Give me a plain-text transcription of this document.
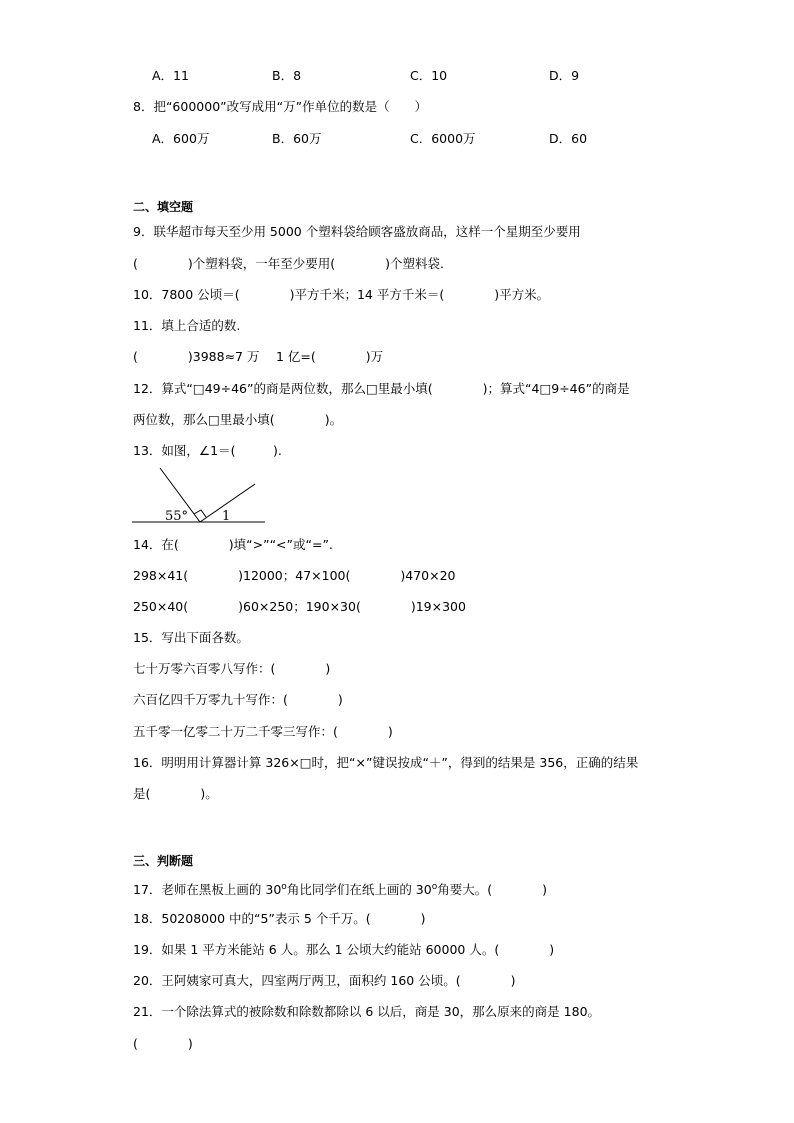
A．11	B．8	C．10	D．9
8．把“600000”改写成用“万”作单位的数是（　　）
A．600万	B．60万	C．6000万	D．60
二、填空题
9．联华超市每天至少用 5000 个塑料袋给顾客盛放商品，这样一个星期至少要用
(　　　　)个塑料袋，一年至少要用(　　　　)个塑料袋.
10．7800 公顷＝(　　　　)平方千米；14 平方千米＝(　　　　)平方米。
11．填上合适的数.
(　　　　)3988≈7 万　 1 亿=(　　　　)万
12．算式“□49÷46”的商是两位数，那么□里最小填(　　　　)；算式“4□9÷46”的商是
两位数，那么□里最小填(　　　　)。
13．如图，∠1＝(　　　).
55°	1
14．在(　　　　)填“>”“<”或“=”.
298×41(　　　　)12000；47×100(　　　　)470×20
250×40(　　　　)60×250；190×30(　　　　)19×300
15．写出下面各数。
七十万零六百零八写作：(　　　　)
六百亿四千万零九十写作：(　　　　)
五千零一亿零二十万二千零三写作：(　　　　)
16．明明用计算器计算 326×□时，把“×”键误按成“＋”，得到的结果是 356，正确的结果
是(　　　　)。
三、判断题
17．老师在黑板上画的 30$^o$角比同学们在纸上画的 30$^o$角要大。(　　　　)
18．50208000 中的“5”表示 5 个千万。(　　　　)
19．如果 1 平方米能站 6 人。那么 1 公顷大约能站 60000 人。(　　　　)
20．王阿姨家可真大，四室两厅两卫，面积约 160 公顷。(　　　　)
21．一个除法算式的被除数和除数都除以 6 以后，商是 30，那么原来的商是 180。
(　　　　)
